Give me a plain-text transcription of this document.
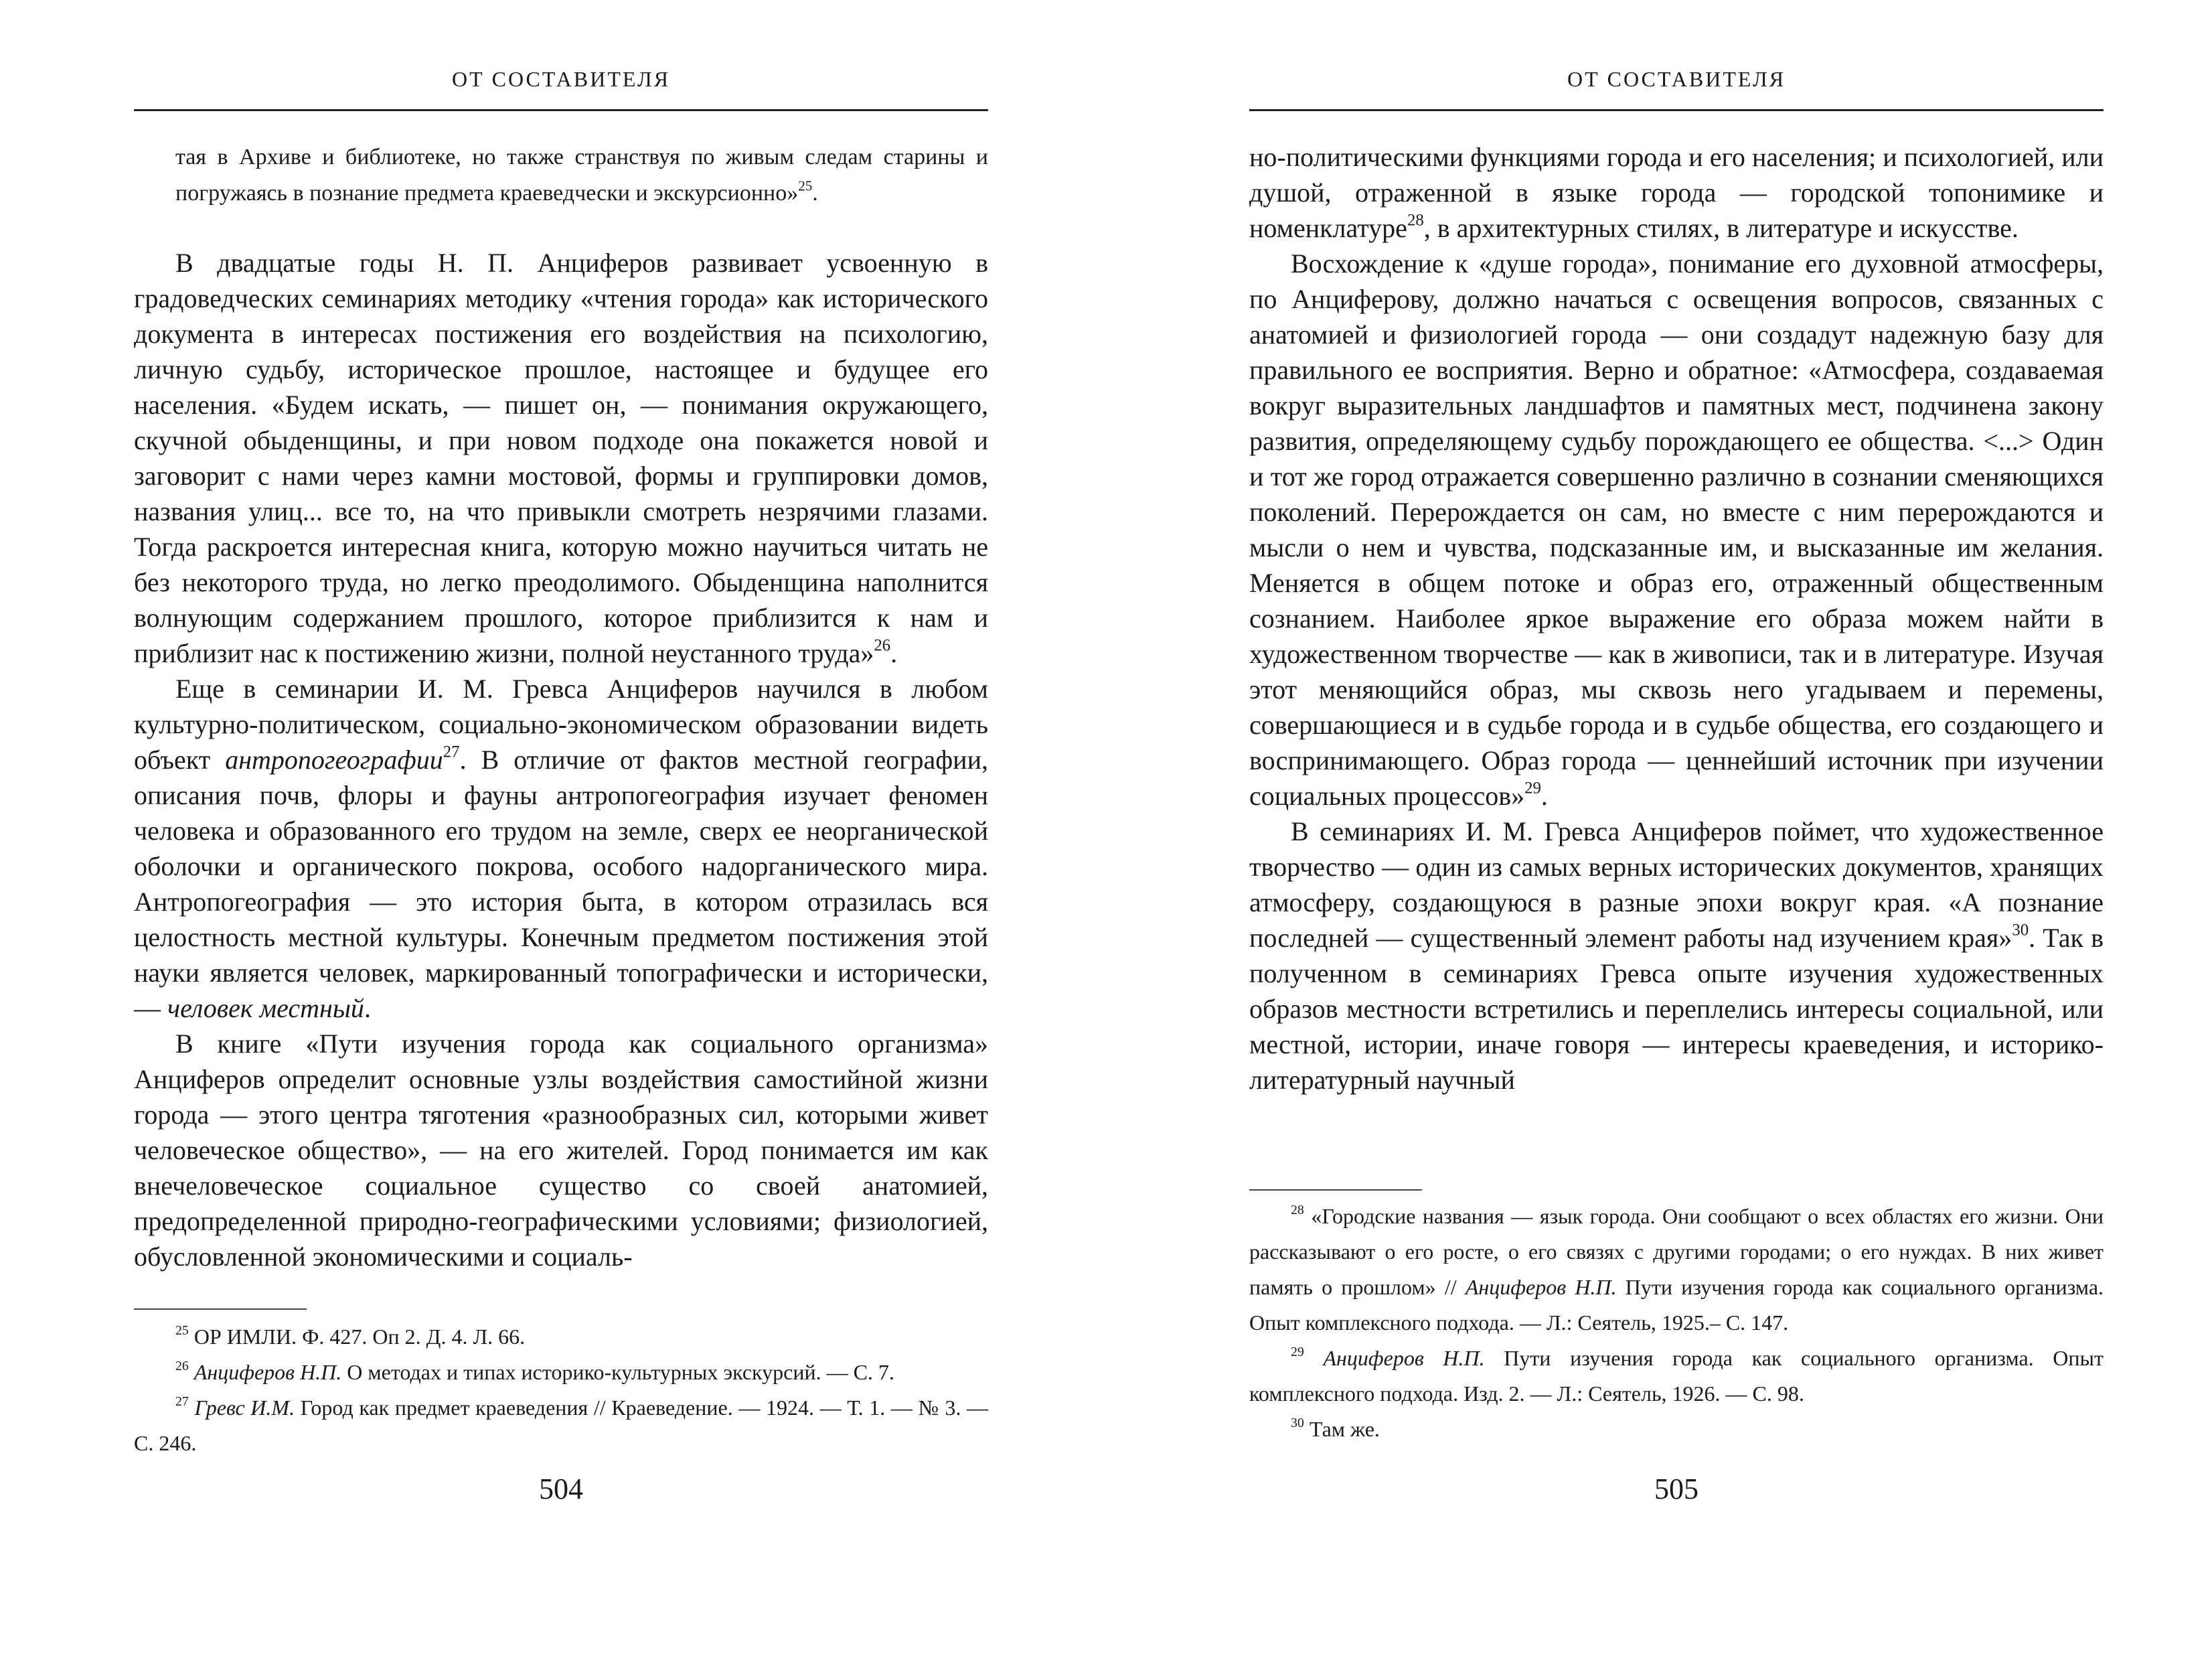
ОТ СОСТАВИТЕЛЯ

тая в Архиве и библиотеке, но также странствуя по живым следам старины и погружаясь в познание предмета краеведчески и экскурсионно»$^{25}$.

В двадцатые годы Н. П. Анциферов развивает усвоенную в градоведческих семинариях методику «чтения города» как исторического документа в интересах постижения его воздействия на психологию, личную судьбу, историческое прошлое, настоящее и будущее его населения. «Будем искать, — пишет он, — понимания окружающего, скучной обыденщины, и при новом подходе она покажется новой и заговорит с нами через камни мостовой, формы и группировки домов, названия улиц... все то, на что привыкли смотреть незрячими глазами. Тогда раскроется интересная книга, которую можно научиться читать не без некоторого труда, но легко преодолимого. Обыденщина наполнится волнующим содержанием прошлого, которое приблизится к нам и приблизит нас к постижению жизни, полной неустанного труда»$^{26}$.

Еще в семинарии И. М. Гревса Анциферов научился в любом культурно-политическом, социально-экономическом образовании видеть объект антропогеографии$^{27}$. В отличие от фактов местной географии, описания почв, флоры и фауны антропогеография изучает феномен человека и образованного его трудом на земле, сверх ее неорганической оболочки и органического покрова, особого надорганического мира. Антропогеография — это история быта, в котором отразилась вся целостность местной культуры. Конечным предметом постижения этой науки является человек, маркированный топографически и исторически, — человек местный.

В книге «Пути изучения города как социального организма» Анциферов определит основные узлы воздействия самостийной жизни города — этого центра тяготения «разнообразных сил, которыми живет человеческое общество», — на его жителей. Город понимается им как внечеловеческое социальное существо со своей анатомией, предопределенной природно-географическими условиями; физиологией, обусловленной экономическими и социаль-

$^{25}$ ОР ИМЛИ. Ф. 427. Оп 2. Д. 4. Л. 66.

$^{26}$ Анциферов Н.П. О методах и типах историко-культурных экскурсий. — С. 7.

$^{27}$ Гревс И.М. Город как предмет краеведения // Краеведение. — 1924. — Т. 1. — № 3. — С. 246.

504
ОТ СОСТАВИТЕЛЯ

но-политическими функциями города и его населения; и психологией, или душой, отраженной в языке города — городской топонимике и номенклатуре$^{28}$, в архитектурных стилях, в литературе и искусстве.

Восхождение к «душе города», понимание его духовной атмосферы, по Анциферову, должно начаться с освещения вопросов, связанных с анатомией и физиологией города — они создадут надежную базу для правильного ее восприятия. Верно и обратное: «Атмосфера, создаваемая вокруг выразительных ландшафтов и памятных мест, подчинена закону развития, определяющему судьбу порождающего ее общества. <...> Один и тот же город отражается совершенно различно в сознании сменяющихся поколений. Перерождается он сам, но вместе с ним перерождаются и мысли о нем и чувства, подсказанные им, и высказанные им желания. Меняется в общем потоке и образ его, отраженный общественным сознанием. Наиболее яркое выражение его образа можем найти в художественном творчестве — как в живописи, так и в литературе. Изучая этот меняющийся образ, мы сквозь него угадываем и перемены, совершающиеся и в судьбе города и в судьбе общества, его создающего и воспринимающего. Образ города — ценнейший источник при изучении социальных процессов»$^{29}$.

В семинариях И. М. Гревса Анциферов поймет, что художественное творчество — один из самых верных исторических документов, хранящих атмосферу, создающуюся в разные эпохи вокруг края. «А познание последней — существенный элемент работы над изучением края»$^{30}$. Так в полученном в семинариях Гревса опыте изучения художественных образов местности встретились и переплелись интересы социальной, или местной, истории, иначе говоря — интересы краеведения, и историко-литературный научный

$^{28}$ «Городские названия — язык города. Они сообщают о всех областях его жизни. Они рассказывают о его росте, о его связях с другими городами; о его нуждах. В них живет память о прошлом» // Анциферов Н.П. Пути изучения города как социального организма. Опыт комплексного подхода. — Л.: Сеятель, 1925.– С. 147.

$^{29}$ Анциферов Н.П. Пути изучения города как социального организма. Опыт комплексного подхода. Изд. 2. — Л.: Сеятель, 1926. — С. 98.

$^{30}$ Там же.

505
